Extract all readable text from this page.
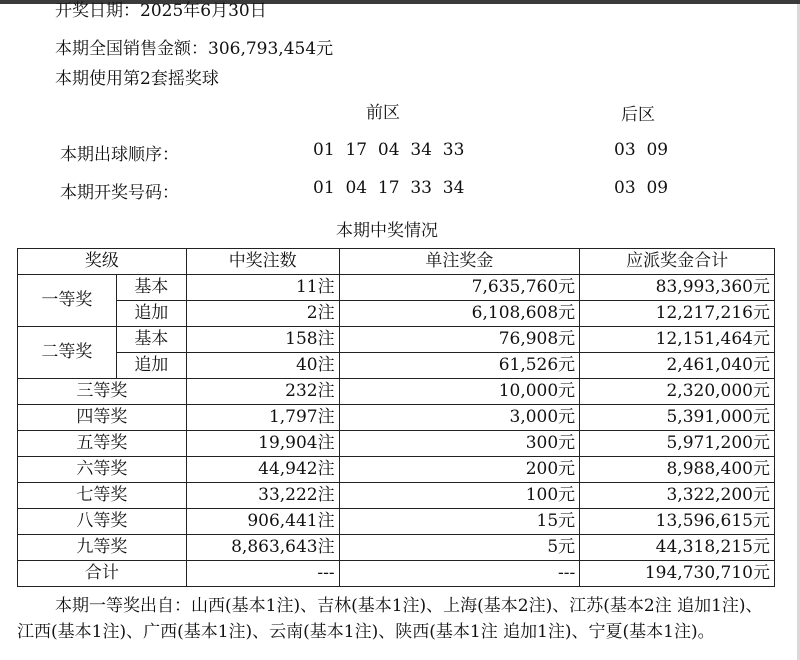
开奖日期：2025年6月30日
本期全国销售金额：306,793,454元
本期使用第2套摇奖球
前区	后区
本期出球顺序：	01  17  04  34  33	03  09
本期开奖号码：	01  04  17  33  34	03  09
本期中奖情况
奖级		中奖注数	单注奖金	应派奖金合计
一等奖	基本	11注	7,635,760元	83,993,360元
	追加	2注	6,108,608元	12,217,216元
二等奖	基本	158注	76,908元	12,151,464元
	追加	40注	61,526元	2,461,040元
三等奖		232注	10,000元	2,320,000元
四等奖		1,797注	3,000元	5,391,000元
五等奖		19,904注	300元	5,971,200元
六等奖		44,942注	200元	8,988,400元
七等奖		33,222注	100元	3,322,200元
八等奖		906,441注	15元	13,596,615元
九等奖		8,863,643注	5元	44,318,215元
合计		---	---	194,730,710元
本期一等奖出自：山西(基本1注)、吉林(基本1注)、上海(基本2注)、江苏(基本2注 追加1注)、江西(基本1注)、广西(基本1注)、云南(基本1注)、陕西(基本1注 追加1注)、宁夏(基本1注)。
